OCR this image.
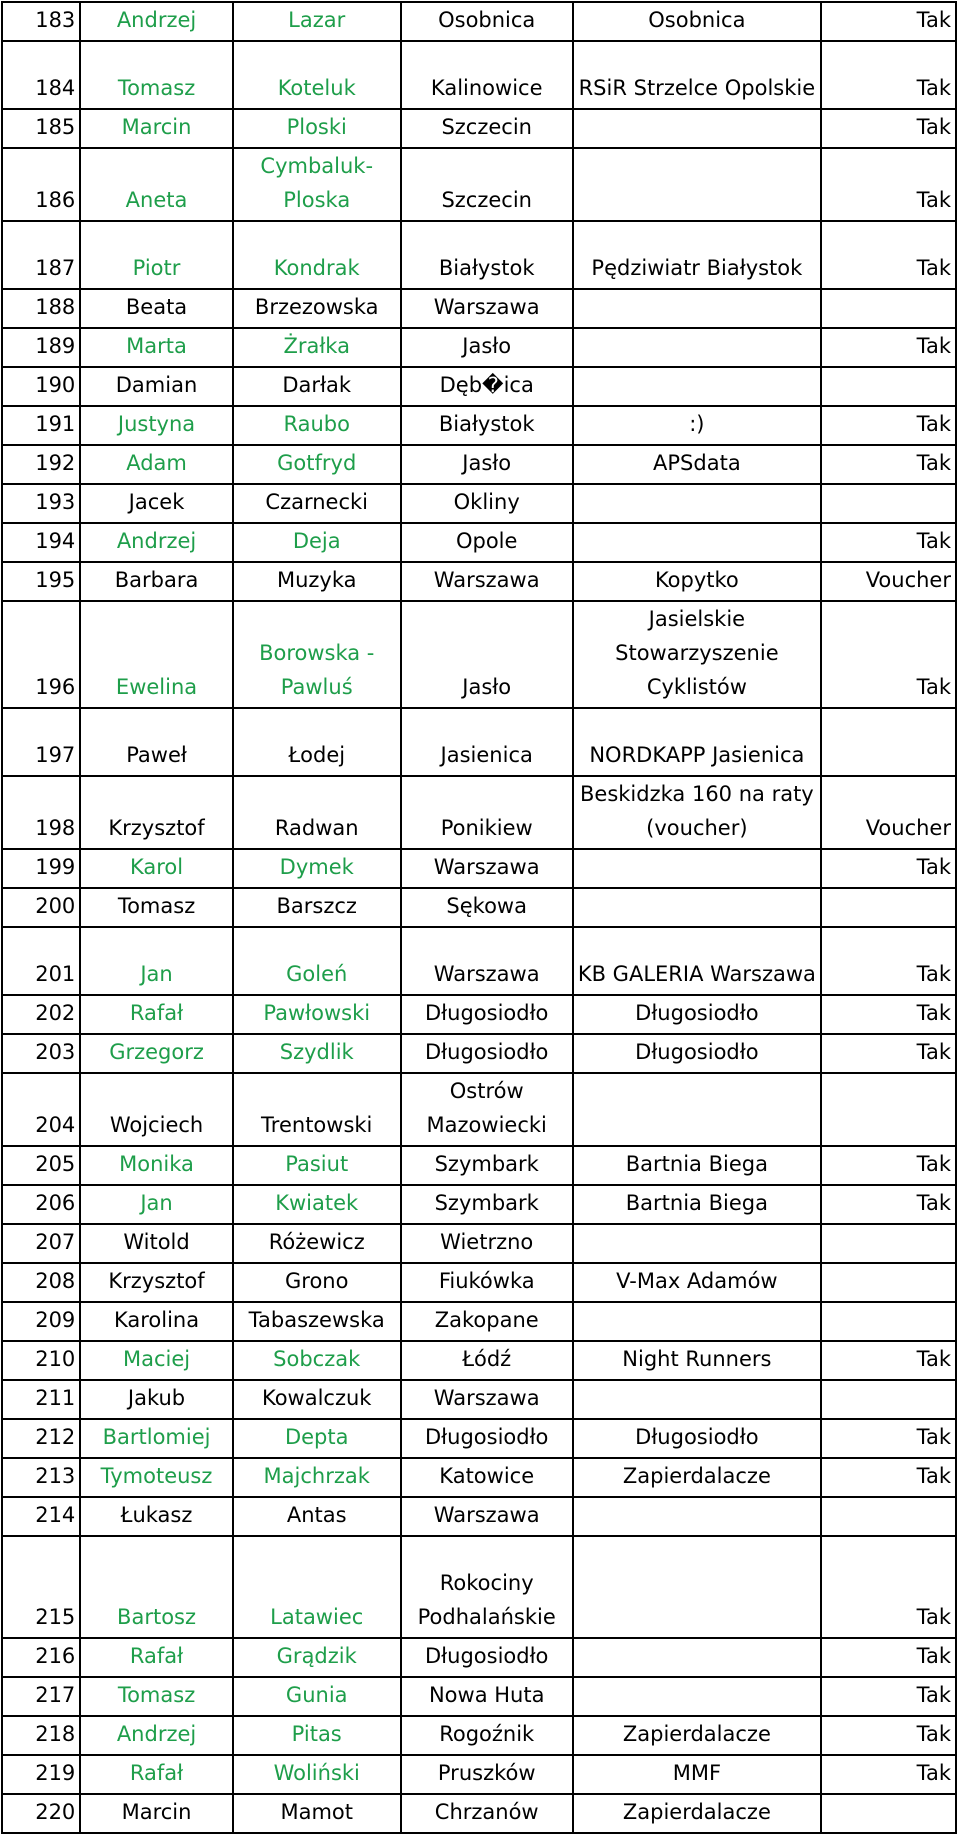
183	Andrzej	Lazar	Osobnica	Osobnica	Tak
184	Tomasz	Koteluk	Kalinowice	RSiR Strzelce Opolskie	Tak
185	Marcin	Ploski	Szczecin		Tak
186	Aneta	Cymbaluk-Ploska	Szczecin		Tak
187	Piotr	Kondrak	Białystok	Pędziwiatr Białystok	Tak
188	Beata	Brzezowska	Warszawa		
189	Marta	Żrałka	Jasło		Tak
190	Damian	Darłak	Dęb�ica		
191	Justyna	Raubo	Białystok	:)	Tak
192	Adam	Gotfryd	Jasło	APSdata	Tak
193	Jacek	Czarnecki	Okliny		
194	Andrzej	Deja	Opole		Tak
195	Barbara	Muzyka	Warszawa	Kopytko	Voucher
196	Ewelina	Borowska - Pawluś	Jasło	Jasielskie Stowarzyszenie Cyklistów	Tak
197	Paweł	Łodej	Jasienica	NORDKAPP Jasienica	
198	Krzysztof	Radwan	Ponikiew	Beskidzka 160 na raty (voucher)	Voucher
199	Karol	Dymek	Warszawa		Tak
200	Tomasz	Barszcz	Sękowa		
201	Jan	Goleń	Warszawa	KB GALERIA Warszawa	Tak
202	Rafał	Pawłowski	Długosiodło	Długosiodło	Tak
203	Grzegorz	Szydlik	Długosiodło	Długosiodło	Tak
204	Wojciech	Trentowski	Ostrów Mazowiecki		
205	Monika	Pasiut	Szymbark	Bartnia Biega	Tak
206	Jan	Kwiatek	Szymbark	Bartnia Biega	Tak
207	Witold	Różewicz	Wietrzno		
208	Krzysztof	Grono	Fiukówka	V-Max Adamów	
209	Karolina	Tabaszewska	Zakopane		
210	Maciej	Sobczak	Łódź	Night Runners	Tak
211	Jakub	Kowalczuk	Warszawa		
212	Bartlomiej	Depta	Długosiodło	Długosiodło	Tak
213	Tymoteusz	Majchrzak	Katowice	Zapierdalacze	Tak
214	Łukasz	Antas	Warszawa		
215	Bartosz	Latawiec	Rokociny Podhalańskie		Tak
216	Rafał	Grądzik	Długosiodło		Tak
217	Tomasz	Gunia	Nowa Huta		Tak
218	Andrzej	Pitas	Rogoźnik	Zapierdalacze	Tak
219	Rafał	Woliński	Pruszków	MMF	Tak
220	Marcin	Mamot	Chrzanów	Zapierdalacze	
